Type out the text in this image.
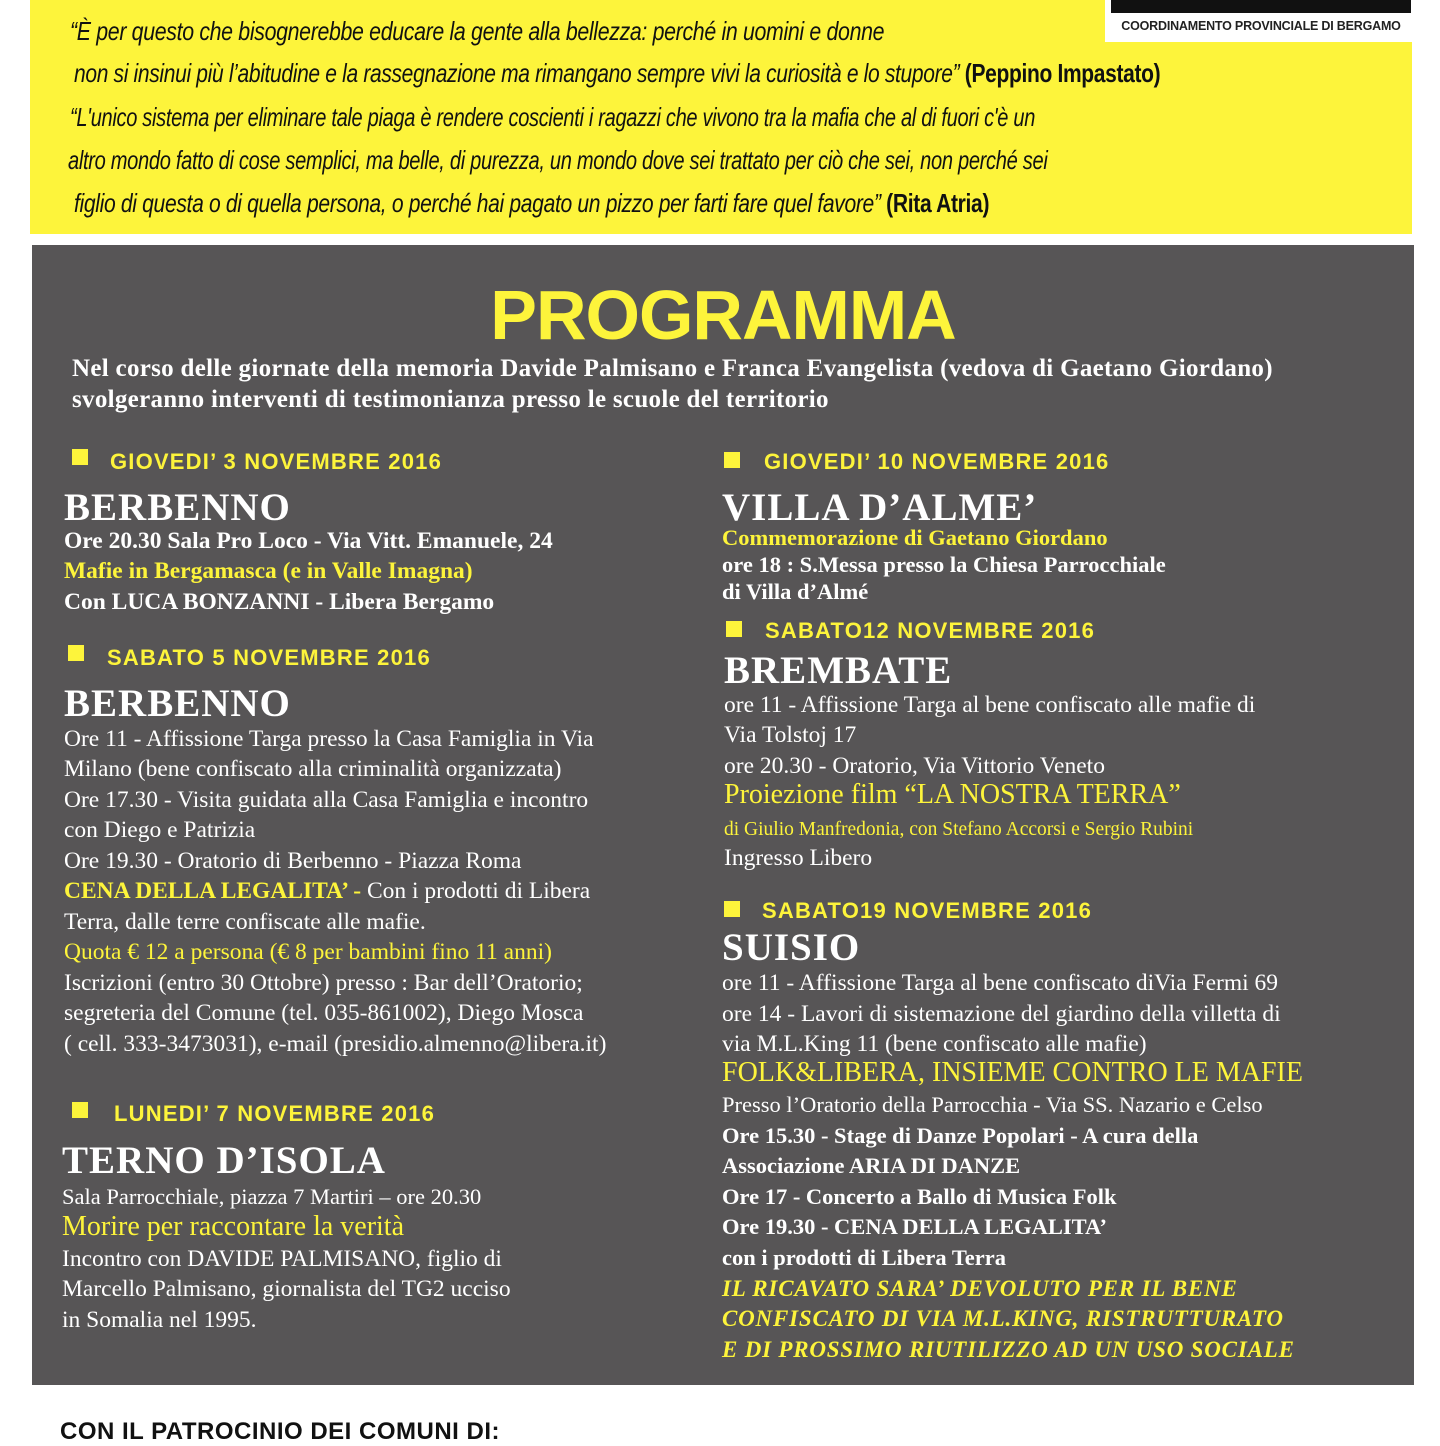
COORDINAMENTO PROVINCIALE DI BERGAMO
“È per questo che bisognerebbe educare la gente alla bellezza: perché in uomini e donne
non si insinui più l’abitudine e la rassegnazione ma rimangano sempre vivi la curiosità e lo stupore” (Peppino Impastato)
“L'unico sistema per eliminare tale piaga è rendere coscienti i ragazzi che vivono tra la mafia che al di fuori c'è un
altro mondo fatto di cose semplici, ma belle, di purezza, un mondo dove sei trattato per ciò che sei, non perché sei
figlio di questa o di quella persona, o perché hai pagato un pizzo per farti fare quel favore” (Rita Atria)
PROGRAMMA
Nel corso delle giornate della memoria Davide Palmisano e Franca Evangelista (vedova di Gaetano Giordano) svolgeranno interventi di testimonianza presso le scuole del territorio
GIOVEDI’ 3 NOVEMBRE 2016
BERBENNO
Ore 20.30 Sala Pro Loco - Via Vitt. Emanuele, 24
Mafie in Bergamasca (e in Valle Imagna)
Con LUCA BONZANNI - Libera Bergamo
SABATO 5 NOVEMBRE 2016
BERBENNO
Ore 11 - Affissione Targa presso la Casa Famiglia in Via
Milano (bene confiscato alla criminalità organizzata)
Ore 17.30 - Visita guidata alla Casa Famiglia e incontro
con Diego e Patrizia
Ore 19.30 - Oratorio di Berbenno - Piazza Roma
CENA DELLA LEGALITA’ - Con i prodotti di Libera
Terra, dalle terre confiscate alle mafie.
Quota € 12 a persona (€ 8 per bambini fino 11 anni)
Iscrizioni (entro 30 Ottobre) presso : Bar dell’Oratorio;
segreteria del Comune (tel. 035-861002), Diego Mosca
( cell. 333-3473031), e-mail (presidio.almenno@libera.it)
LUNEDI’ 7 NOVEMBRE 2016
TERNO D’ISOLA
Sala Parrocchiale, piazza 7 Martiri – ore 20.30
Morire per raccontare la verità
Incontro con DAVIDE PALMISANO, figlio di
Marcello Palmisano, giornalista del TG2 ucciso
in Somalia nel 1995.
GIOVEDI’ 10 NOVEMBRE 2016
VILLA D’ALME’
Commemorazione di Gaetano Giordano
ore 18 : S.Messa presso la Chiesa Parrocchiale
di Villa d’Almé
SABATO12 NOVEMBRE 2016
BREMBATE
ore 11 - Affissione Targa al bene confiscato alle mafie di
Via Tolstoj 17
ore 20.30 - Oratorio, Via Vittorio Veneto
Proiezione film “LA NOSTRA TERRA”
di Giulio Manfredonia, con Stefano Accorsi e Sergio Rubini
Ingresso Libero
SABATO19 NOVEMBRE 2016
SUISIO
ore 11 - Affissione Targa al bene confiscato diVia Fermi 69
ore 14 - Lavori di sistemazione del giardino della villetta di
via M.L.King 11 (bene confiscato alle mafie)
FOLK&LIBERA, INSIEME CONTRO LE MAFIE
Presso l’Oratorio della Parrocchia - Via SS. Nazario e Celso
Ore 15.30 - Stage di Danze Popolari - A cura della
Associazione ARIA DI DANZE
Ore 17 - Concerto a Ballo di Musica Folk
Ore 19.30 - CENA DELLA LEGALITA’
con i prodotti di Libera Terra
IL RICAVATO SARA’ DEVOLUTO PER IL BENE
CONFISCATO DI VIA M.L.KING, RISTRUTTURATO
E DI PROSSIMO RIUTILIZZO AD UN USO SOCIALE
CON IL PATROCINIO DEI COMUNI DI:
